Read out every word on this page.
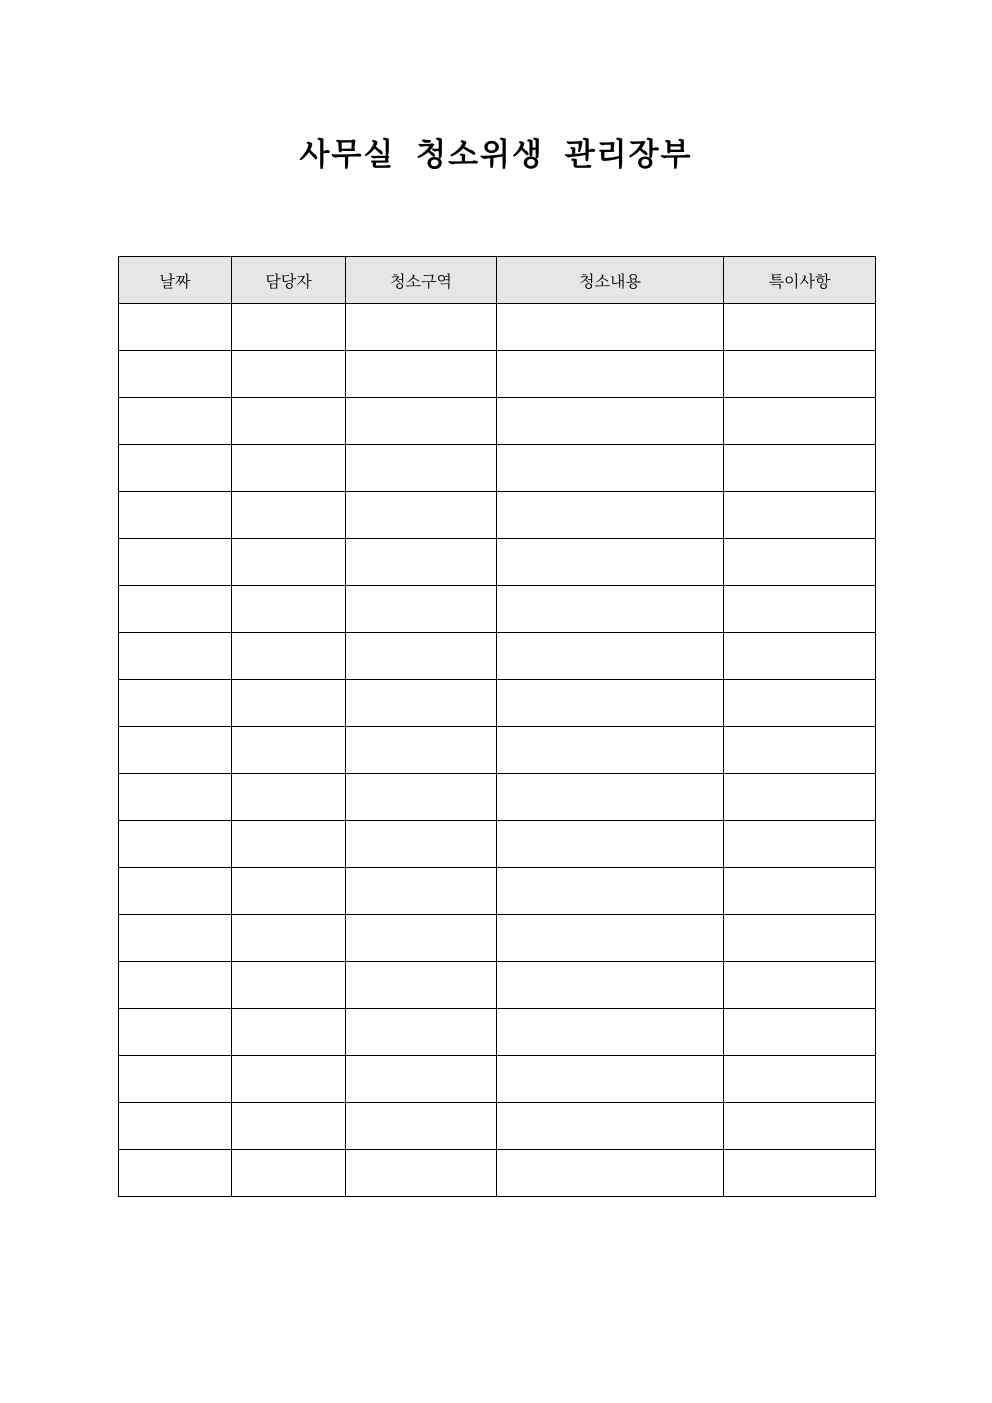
사무실 청소위생 관리장부
날짜	담당자	청소구역	청소내용	특이사항
